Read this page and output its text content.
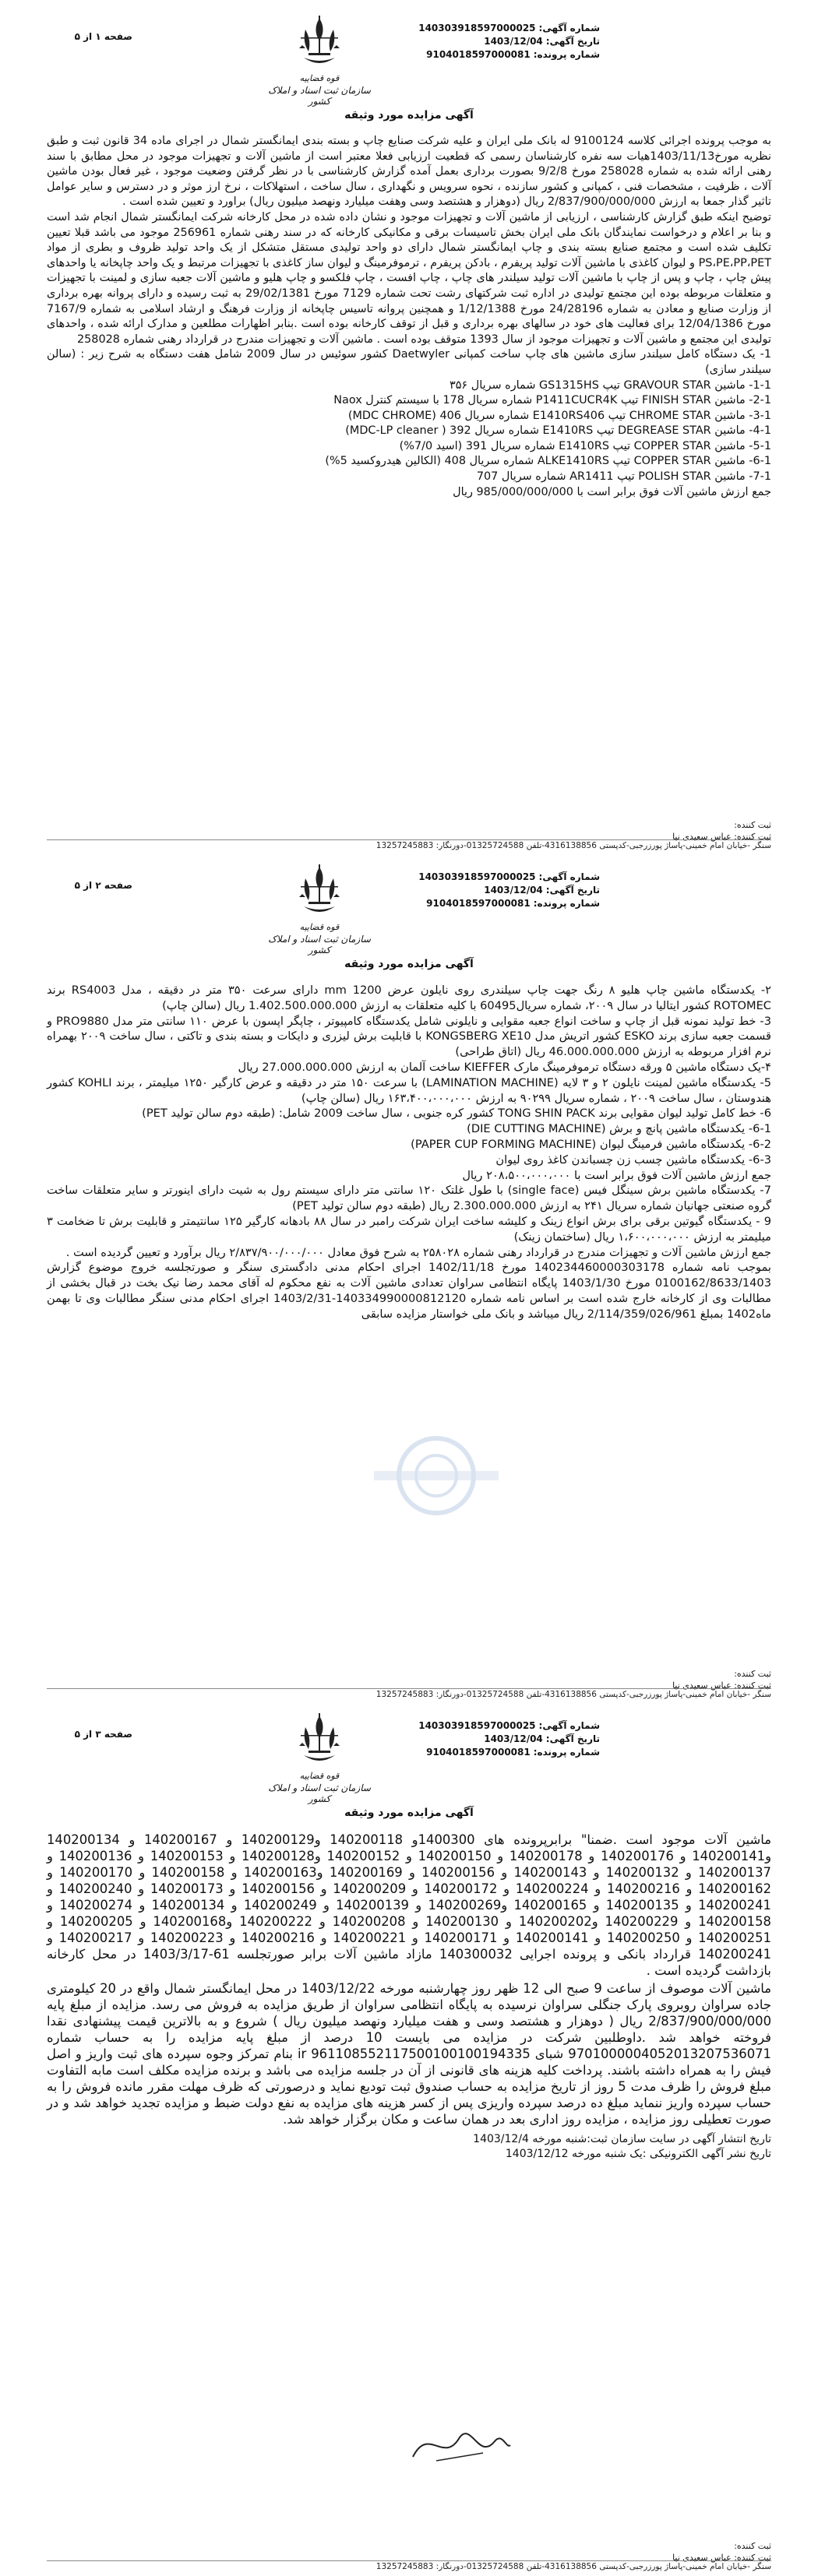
صفحه ۱ از ۵
قوه قضاییه
سازمان ثبت اسناد و املاک کشور
شماره آگهی:140303918597000025
تاریخ آگهی:1403/12/04
شماره پرونده:9104018597000081
آگهی مزایده مورد وثیقه

به موجب پرونده اجرائی کلاسه 9100124 له بانک ملی ایران و علیه شرکت صنایع چاپ و بسته بندی ایمانگستر شمال در اجرای ماده 34 قانون ثبت و طبق نظریه مورخ1403/11/13هیات سه نفره کارشناسان رسمی که قطعیت ارزیابی فعلا معتبر است از ماشین آلات و تجهیزات موجود در محل مطابق با سند رهنی ارائه شده به شماره 258028 مورخ 9/2/8 بصورت برداری بعمل آمده گزارش کارشناسی با در نظر گرفتن وضعیت موجود ، غیر فعال بودن ماشین آلات ، ظرفیت ، مشخصات فنی ، کمپانی و کشور سازنده ، نحوه سرویس و نگهداری ، سال ساخت ، استهلاکات ، نرخ ارز موثر و در دسترس و سایر عوامل تاثیر گذار جمعا به ارزش 2/837/900/000/000 ریال (دوهزار و هشتصد وسی وهفت میلیارد ونهصد میلیون ریال) براورد و تعیین شده است .

توضیح اینکه طبق گزارش کارشناسی ، ارزیابی از ماشین آلات و تجهیزات موجود و نشان داده شده در محل کارخانه شرکت ایمانگستر شمال انجام شد است و بنا بر اعلام و درخواست نمایندگان بانک ملی ایران بخش تاسیسات برقی و مکانیکی کارخانه که در سند رهنی شماره 256961 موجود می باشد قبلا تعیین تکلیف شده است و مجتمع صنایع بسته بندی و چاپ ایمانگستر شمال دارای دو واحد تولیدی مستقل متشکل از یک واحد تولید ظروف و بطری از مواد PS،PE،PP،PET و لیوان کاغذی با ماشین آلات تولید پریفرم ، بادکن پریفرم ، ترموفرمینگ و لیوان ساز کاغذی با تجهیزات مرتبط و یک واحد چاپخانه یا واحدهای پیش چاپ ، چاپ و پس از چاپ با ماشین آلات تولید سیلندر های چاپ ، چاپ افست ، چاپ فلکسو و چاپ هلیو و ماشین آلات جعبه سازی و لمینت با تجهیزات و متعلقات مربوطه بوده این مجتمع تولیدی در اداره ثبت شرکتهای رشت تحت شماره 7129 مورخ 29/02/1381 به ثبت رسیده و دارای پروانه بهره برداری از وزارت صنایع و معادن به شماره 24/28196 مورخ 1/12/1388 و همچنین پروانه تاسیس چاپخانه از وزارت فرهنگ و ارشاد اسلامی به شماره 7167/9 مورخ 12/04/1386 برای فعالیت های خود در سالهای بهره برداری و قبل از توقف کارخانه بوده است .بنابر اظهارات مطلعین و مدارک ارائه شده ، واحدهای تولیدی این مجتمع و ماشین آلات و تجهیزات موجود از سال 1393 متوقف بوده است . ماشین آلات و تجهیزات مندرج در قرارداد رهنی شماره 258028

1- یک دستگاه کامل سیلندر سازی ماشین های چاپ ساخت کمپانی Daetwyler کشور سوئیس در سال 2009 شامل هفت دستگاه به شرح زیر : (سالن سیلندر سازی)

1-1- ماشین GRAVOUR STAR تیپ GS1315HS شماره سریال ۳۵۶

2-1- ماشین FINISH STAR تیپ P1411CUCR4K شماره سریال 178 با سیستم کنترل Naox

3-1- ماشین CHROME STAR تیپ E1410RS406 شماره سریال 406 (MDC CHROME)

4-1- ماشین DEGREASE STAR تیپ E1410RS شماره سریال 392 ( MDC-LP cleaner)

5-1- ماشین COPPER STAR تیپ E1410RS شماره سریال 391 (اسید 7/0%)

6-1- ماشین COPPER STAR تیپ ALKE1410RS شماره سریال 408 (الکالین هیدروکسید 5%)

7-1- ماشین POLISH STAR تیپ AR1411 شماره سریال 707

جمع ارزش ماشین آلات فوق برابر است با 985/000/000/000 ریال

ثبت کننده:
ثبت کننده: عباس سعیدی نیا
سنگر -خیابان امام خمینی-پاساژ پورزرجبی-کدپستی 4316138856-تلفن 01325724588-دورنگار: 13257245883
صفحه ۲ از ۵
قوه قضاییه
سازمان ثبت اسناد و املاک کشور
شماره آگهی:140303918597000025
تاریخ آگهی:1403/12/04
شماره پرونده:9104018597000081
آگهی مزایده مورد وثیقه

۲- یکدستگاه ماشین چاپ هلیو ۸ رنگ جهت چاپ سیلندری روی نایلون عرض 1200 mm دارای سرعت ۳۵۰ متر در دقیقه ، مدل RS4003 برند ROTOMEC کشور ایتالیا در سال ۲۰۰۹، شماره سریال60495 با کلیه متعلقات به ارزش 1.402.500.000.000 ریال (سالن چاپ)

3- خط تولید نمونه قبل از چاپ و ساخت انواع جعبه مقوایی و نایلونی شامل یکدستگاه کامپیوتر ، چاپگر اپسون با عرض ۱۱۰ سانتی متر مدل PRO9880 و قسمت جعبه سازی برند ESKO کشور اتریش مدل KONGSBERG XE10 با قابلیت برش لیزری و دایکات و بسته بندی و تاکتی ، سال ساخت ۲۰۰۹ بهمراه نرم افزار مربوطه به ارزش 46.000.000.000 ریال (اتاق طراحی)

۴-یک دستگاه ماشین ۵ ورقه دستگاه ترموفرمینگ مارک KIEFFER ساخت آلمان به ارزش 27.000.000.000 ریال

5- یکدستگاه ماشین لمینت نایلون ۲ و ۳ لایه (LAMINATION MACHINE) با سرعت ۱۵۰ متر در دقیقه و عرض کارگیر ۱۲۵۰ میلیمتر ، برند KOHLI کشور هندوستان ، سال ساخت ۲۰۰۹ ، شماره سریال ۹۰۲۹۹ به ارزش ۱۶۳،۴۰۰،۰۰۰،۰۰۰ ریال (سالن چاپ)

6- خط کامل تولید لیوان مقوایی برند TONG SHIN PACK کشور کره جنوبی ، سال ساخت 2009 شامل: (طبقه دوم سالن تولید PET)

6-1- یکدستگاه ماشین پانچ و برش (DIE CUTTING MACHINE)

6-2- یکدستگاه ماشین فرمینگ لیوان (PAPER CUP FORMING MACHINE)

6-3- یکدستگاه ماشین چسب زن چسباندن کاغذ روی لیوان

جمع ارزش ماشین آلات فوق برابر است با ۲۰۸،۵۰۰،۰۰۰،۰۰۰ ریال

7- یکدستگاه ماشین برش سینگل فیس (single face) با طول غلتک ۱۲۰ سانتی متر دارای سیستم رول به شیت دارای اینورتر و سایر متعلقات ساخت گروه صنعتی جهانیان شماره سریال ۲۴۱ به ارزش 2.300.000.000 ریال (طبقه دوم سالن تولید PET)

9 - یکدستگاه گیوتین برقی برای برش انواع زینک و کلیشه ساخت ایران شرکت رامبر در سال ۸۸ بادهانه کارگیر ۱۲۵ سانتیمتر و قابلیت برش تا ضخامت ۳ میلیمتر به ارزش ۱،۶۰۰،۰۰۰،۰۰۰ ریال (ساختمان زینک)

جمع ارزش ماشین آلات و تجهیزات مندرج در قرارداد رهنی شماره ۲۵۸۰۲۸ به شرح فوق معادل ۲/۸۳۷/۹۰۰/۰۰۰/۰۰۰ ریال برآورد و تعیین گردیده است .

بموجب نامه شماره 140234460000303178 مورخ 1402/11/18 اجرای احکام مدنی دادگستری سنگر و صورتجلسه خروج موضوع گزارش 0100162/8633/1403 مورخ 1403/1/30 پایگاه انتظامی سراوان تعدادی ماشین آلات به نفع محکوم له آقای محمد رضا نیک بخت در قبال بخشی از مطالبات وی از کارخانه خارج شده است بر اساس نامه شماره 140334990000812120-1403/2/31 اجرای احکام مدنی سنگر مطالبات وی تا بهمن ماه1402 بمبلغ 2/114/359/026/961 ریال میباشد و بانک ملی خواستار مزایده سابقی

ثبت کننده:
ثبت کننده: عباس سعیدی نیا
سنگر -خیابان امام خمینی-پاساژ پورزرجبی-کدپستی 4316138856-تلفن 01325724588-دورنگار: 13257245883
صفحه ۳ از ۵
قوه قضاییه
سازمان ثبت اسناد و املاک کشور
شماره آگهی:140303918597000025
تاریخ آگهی:1403/12/04
شماره پرونده:9104018597000081
آگهی مزایده مورد وثیقه

ماشین آلات موجود است .ضمنا" برابرپرونده های 1400300و 140200118 و140200129 و 140200167 و 140200134 و140200141 و 140200176 و 140200178 و 140200150 و 140200152 و140200128 و 140200153 و 140200136 و 140200137 و 140200132 و 140200143 و 140200156 و 140200169 و140200163 و 140200158 و 140200170 و 140200162 و 140200216 و 140200224 و 140200172 و 140200209 و 140200156 و 140200173 و 140200240 و 140200241 و 140200135 و 140200165 و140200269 و 140200139 و 140200249 و 140200134 و 140200274 و 140200158 و 140200229 و140200202 و 140200130 و 140200208 و 140200222 و140200168 و 140200205 و 140200251 و 140200250 و 140200141 و 140200171 و 140200221 و 140200216 و 140200223 و 140200217 و 140200241 قرارداد بانکی و پرونده اجرایی 140300032 مازاد ماشین آلات برابر صورتجلسه 61-1403/3/17 در محل کارخانه بازداشت گردیده است .

ماشین آلات موصوف از ساعت 9 صبح الی 12 ظهر روز چهارشنبه مورخه 1403/12/22 در محل ایمانگستر شمال واقع در 20 کیلومتری جاده سراوان روبروی پارک جنگلی سراوان نرسیده به پایگاه انتظامی سراوان از طریق مزایده به فروش می رسد. مزایده از مبلغ پایه 2/837/900/000/000 ریال ( دوهزار و هشتصد وسی و هفت میلیارد ونهصد میلیون ریال ) شروع و به بالاترین قیمت پیشنهادی نقدا فروخته خواهد شد .داوطلبین شرکت در مزایده می بایست 10 درصد از مبلغ پایه مزایده را به حساب شماره 9701000004052013207536071 شبای ir 961108552117500100100194335 بنام تمرکز وجوه سپرده های ثبت واریز و اصل فیش را به همراه داشته باشند. پرداخت کلیه هزینه های قانونی از آن در جلسه مزایده می باشد و برنده مزایده مکلف است مابه التفاوت مبلغ فروش را ظرف مدت 5 روز از تاریخ مزایده به حساب صندوق ثبت تودیع نماید و درصورتی که ظرف مهلت مقرر مانده فروش را به حساب سپرده واریز ننماید مبلغ ده درصد سپرده واریزی پس از کسر هزینه های مزایده به نفع دولت ضبط و مزایده تجدید خواهد شد و در صورت تعطیلی روز مزایده ، مزایده روز اداری بعد در همان ساعت و مکان برگزار خواهد شد.

تاریخ انتشار آگهی در سایت سازمان ثبت:شنبه مورخه 1403/12/4
تاریخ نشر آگهی الکترونیکی :یک شنبه مورخه 1403/12/12
ثبت کننده:
ثبت کننده: عباس سعیدی نیا
سنگر -خیابان امام خمینی-پاساژ پورزرجبی-کدپستی 4316138856-تلفن 01325724588-دورنگار: 13257245883
